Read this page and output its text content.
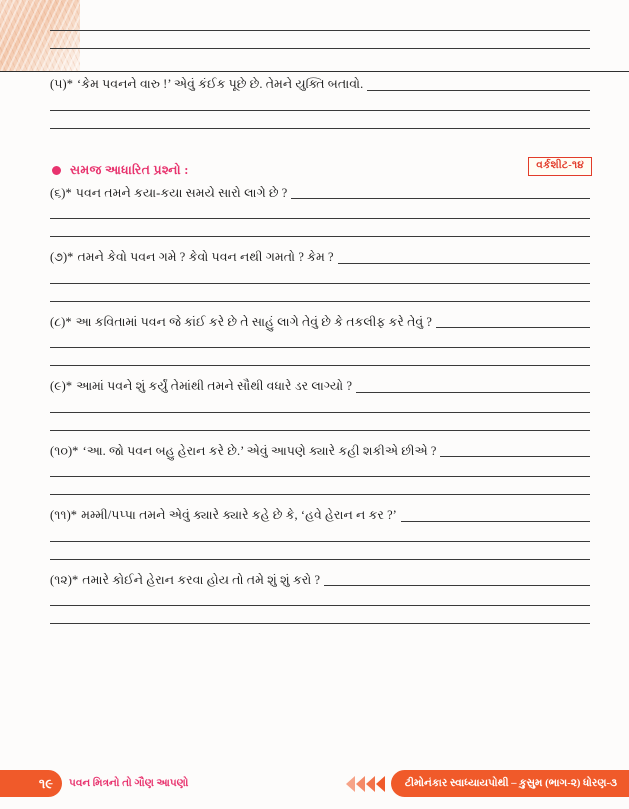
(૫)* ‘કેમ પવનને વારુ !’ એવું કંઈક પૂછે છે. તેમને યુક્તિ બતાવો.
સમજ આધારિત પ્રશ્નો :	વર્કશીટ-૧૪
(૬)* પવન તમને કયા-કયા સમયે સારો લાગે છે ?
(૭)* તમને કેવો પવન ગમે ? કેવો પવન નથી ગમતો ? કેમ ?
(૮)* આ કવિતામાં પવન જે કાંઈ કરે છે તે સાહું લાગે તેવું છે કે તકલીફ કરે તેવું ?
(૯)* આમાં પવને શું કર્યું તેમાંથી તમને સૌથી વધારે ડર લાગ્યો ?
(૧૦)* ‘આ. જો પવન બહુ હેરાન કરે છે.’ એવું આપણે ક્યારે કહી શકીએ છીએ ?
(૧૧)* મમ્મી/પપ્પા તમને એવું ક્યારે ક્યારે કહે છે કે, ‘હવે હેરાન ન કર ?’
(૧૨)* તમારે કોઈને હેરાન કરવા હોય તો તમે શું શું કરો ?
૧૯	પવન મિત્રનો તો ગૌણ આપણો	ટીમોનંકાર સ્વાધ્યાયપોથી – કુસુમ (ભાગ-૨) ધોરણ-૩
